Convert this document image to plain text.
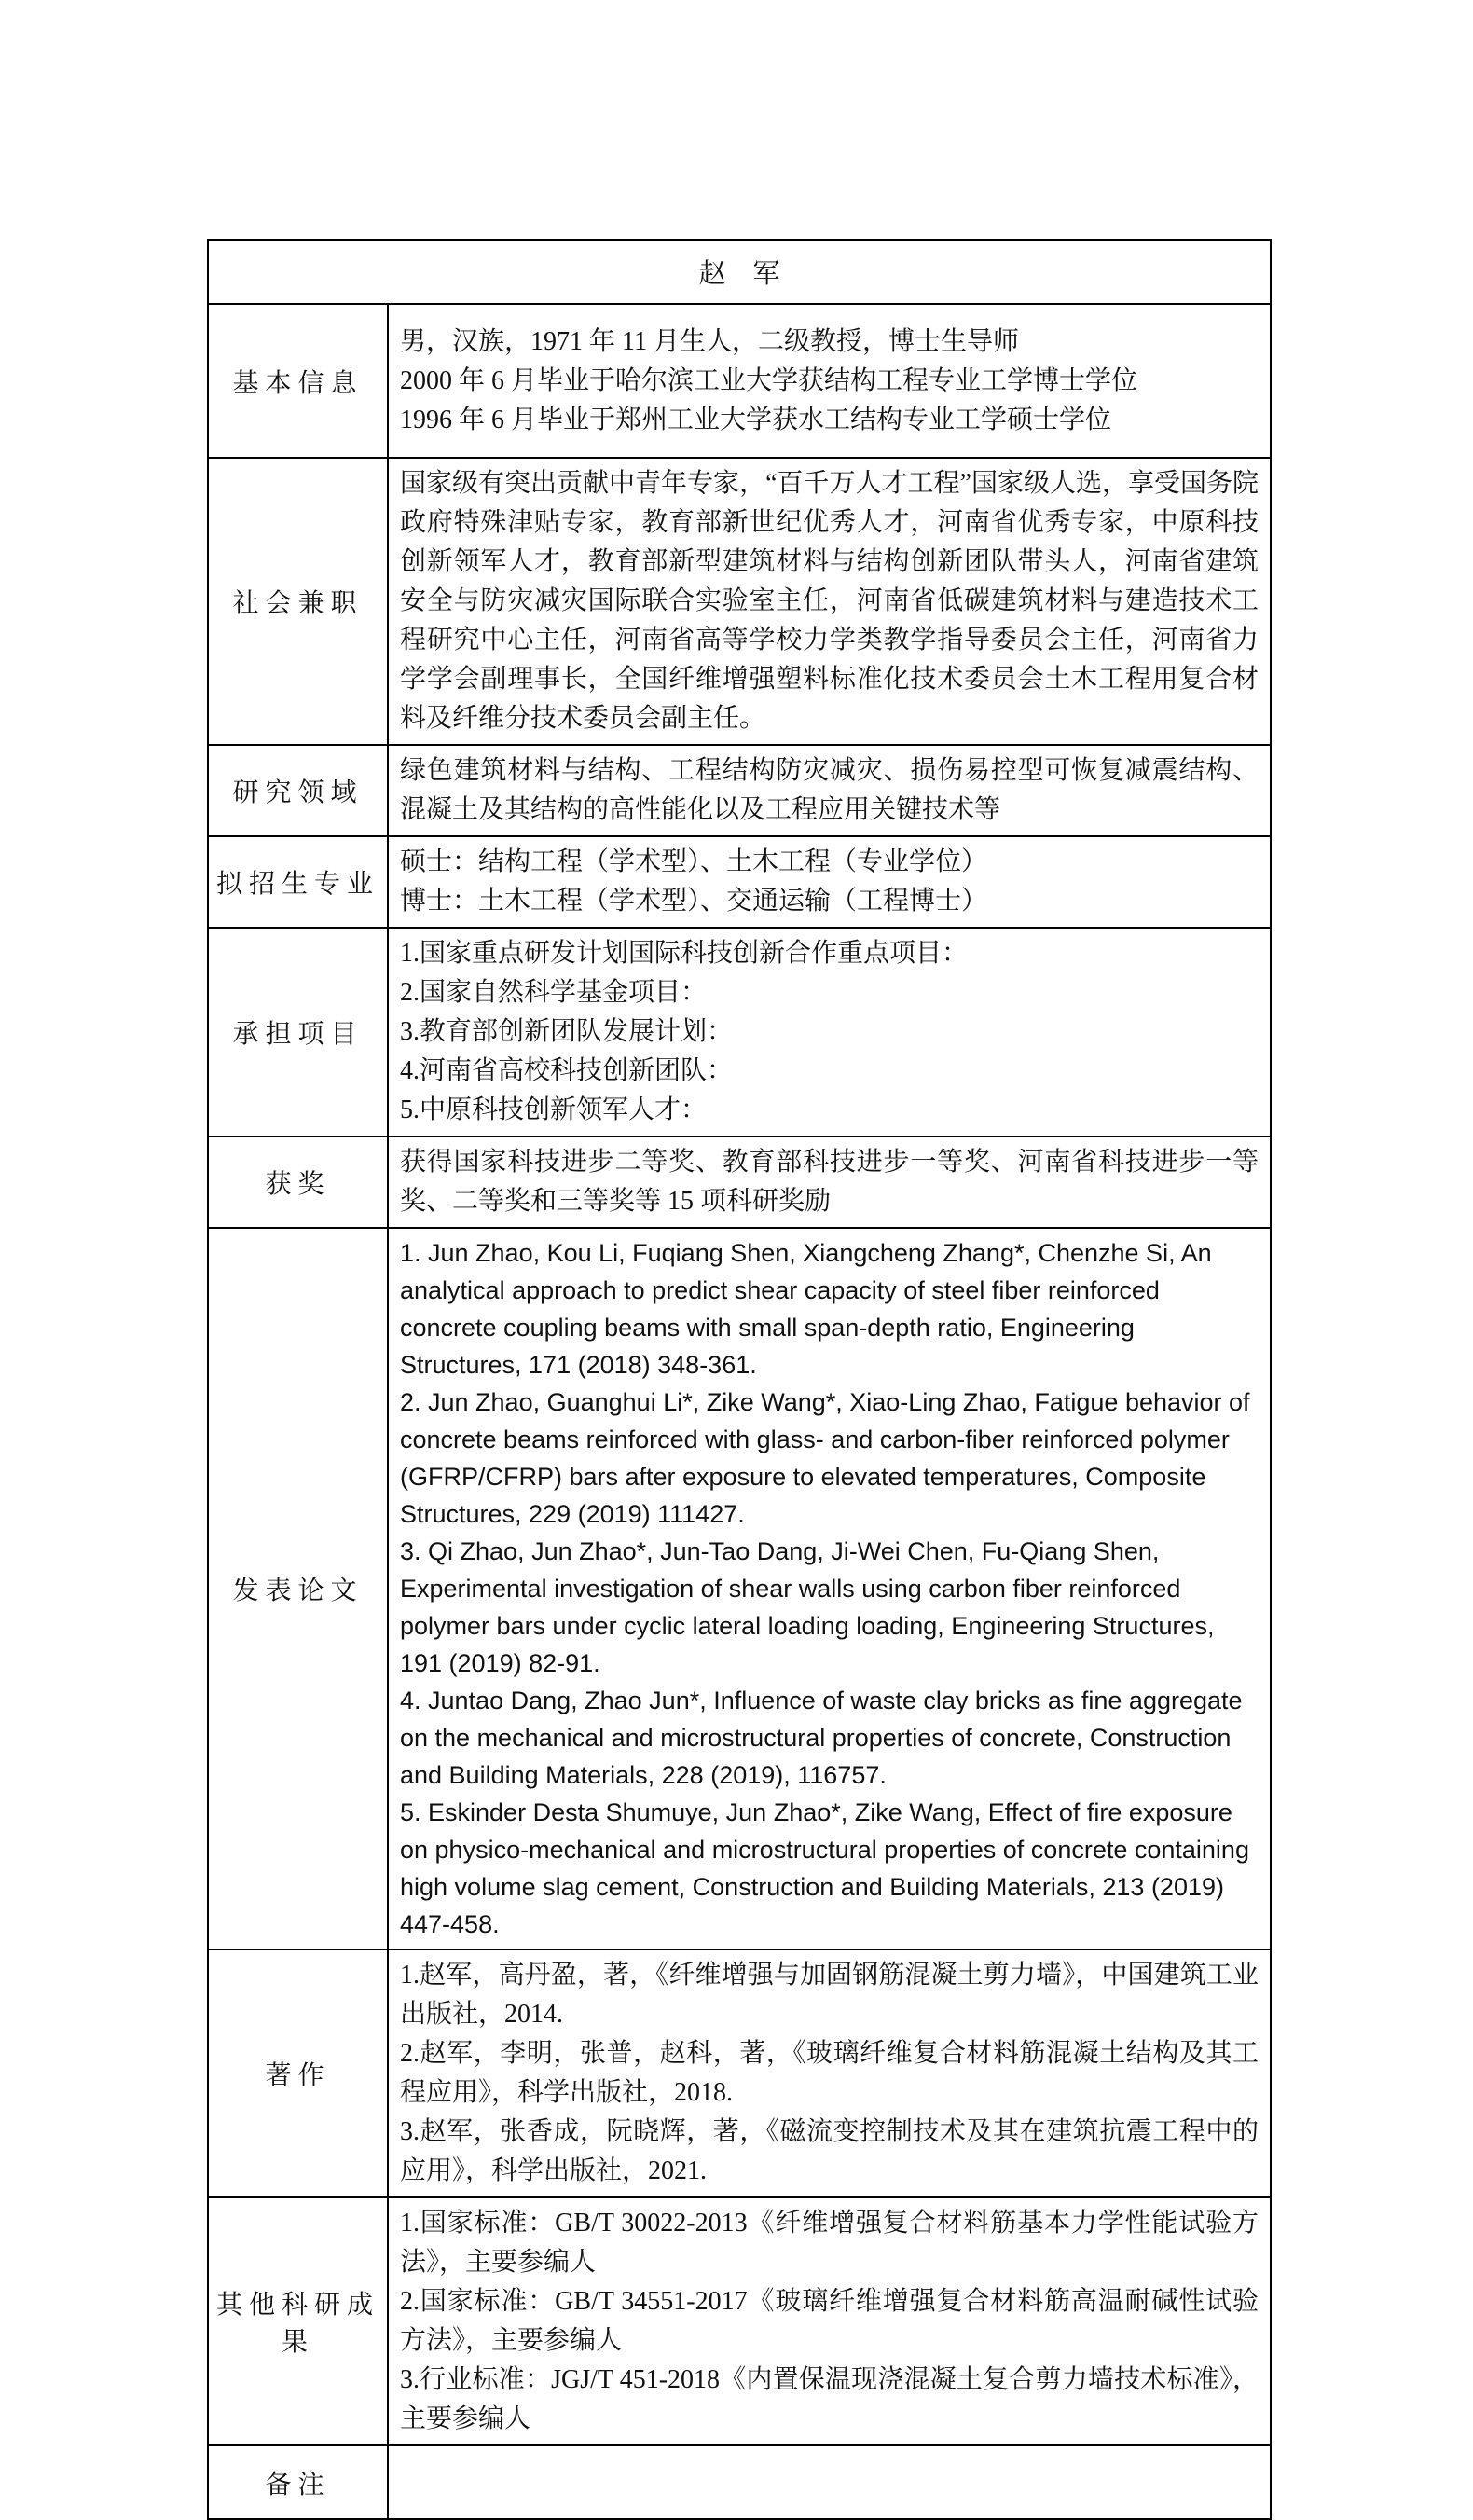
赵　军	
基本信息	男，汉族，1971 年 11 月生人，二级教授，博士生导师

2000 年 6 月毕业于哈尔滨工业大学获结构工程专业工学博士学位

1996 年 6 月毕业于郑州工业大学获水工结构专业工学硕士学位

社会兼职	国家级有突出贡献中青年专家，“百千万人才工程”国家级人选，享受国务院政府特殊津贴专家，教育部新世纪优秀人才，河南省优秀专家，中原科技创新领军人才，教育部新型建筑材料与结构创新团队带头人，河南省建筑安全与防灾减灾国际联合实验室主任，河南省低碳建筑材料与建造技术工程研究中心主任，河南省高等学校力学类教学指导委员会主任，河南省力学学会副理事长，全国纤维增强塑料标准化技术委员会土木工程用复合材料及纤维分技术委员会副主任。

研究领域	绿色建筑材料与结构、工程结构防灾减灾、损伤易控型可恢复减震结构、混凝土及其结构的高性能化以及工程应用关键技术等

拟招生专业	硕士：结构工程（学术型）、土木工程（专业学位）

博士：土木工程（学术型）、交通运输（工程博士）

承担项目	1.国家重点研发计划国际科技创新合作重点项目：

2.国家自然科学基金项目：

3.教育部创新团队发展计划：

4.河南省高校科技创新团队：

5.中原科技创新领军人才：

获奖	获得国家科技进步二等奖、教育部科技进步一等奖、河南省科技进步一等奖、二等奖和三等奖等 15 项科研奖励

发表论文	1. Jun Zhao, Kou Li, Fuqiang Shen, Xiangcheng Zhang*, Chenzhe Si, An analytical approach to predict shear capacity of steel fiber reinforced concrete coupling beams with small span-depth ratio, Engineering Structures, 171 (2018) 348-361.

2. Jun Zhao, Guanghui Li*, Zike Wang*, Xiao-Ling Zhao, Fatigue behavior of concrete beams reinforced with glass- and carbon-fiber reinforced polymer (GFRP/CFRP) bars after exposure to elevated temperatures, Composite Structures, 229 (2019) 111427.

3. Qi Zhao, Jun Zhao*, Jun-Tao Dang, Ji-Wei Chen, Fu-Qiang Shen, Experimental investigation of shear walls using carbon fiber reinforced polymer bars under cyclic lateral loading loading, Engineering Structures, 191 (2019) 82-91.

4. Juntao Dang, Zhao Jun*, Influence of waste clay bricks as fine aggregate on the mechanical and microstructural properties of concrete, Construction and Building Materials, 228 (2019), 116757.

5. Eskinder Desta Shumuye, Jun Zhao*, Zike Wang, Effect of fire exposure on physico-mechanical and microstructural properties of concrete containing high volume slag cement, Construction and Building Materials, 213 (2019) 447-458.

著作	1.赵军，高丹盈，著，《纤维增强与加固钢筋混凝土剪力墙》，中国建筑工业出版社，2014.

2.赵军，李明，张普，赵科，著，《玻璃纤维复合材料筋混凝土结构及其工程应用》，科学出版社，2018.

3.赵军，张香成，阮晓辉，著，《磁流变控制技术及其在建筑抗震工程中的应用》，科学出版社，2021.

其他科研成果	1.国家标准：GB/T 30022-2013《纤维增强复合材料筋基本力学性能试验方法》，主要参编人

2.国家标准：GB/T 34551-2017《玻璃纤维增强复合材料筋高温耐碱性试验方法》，主要参编人

3.行业标准：JGJ/T 451-2018《内置保温现浇混凝土复合剪力墙技术标准》，主要参编人

备注	
